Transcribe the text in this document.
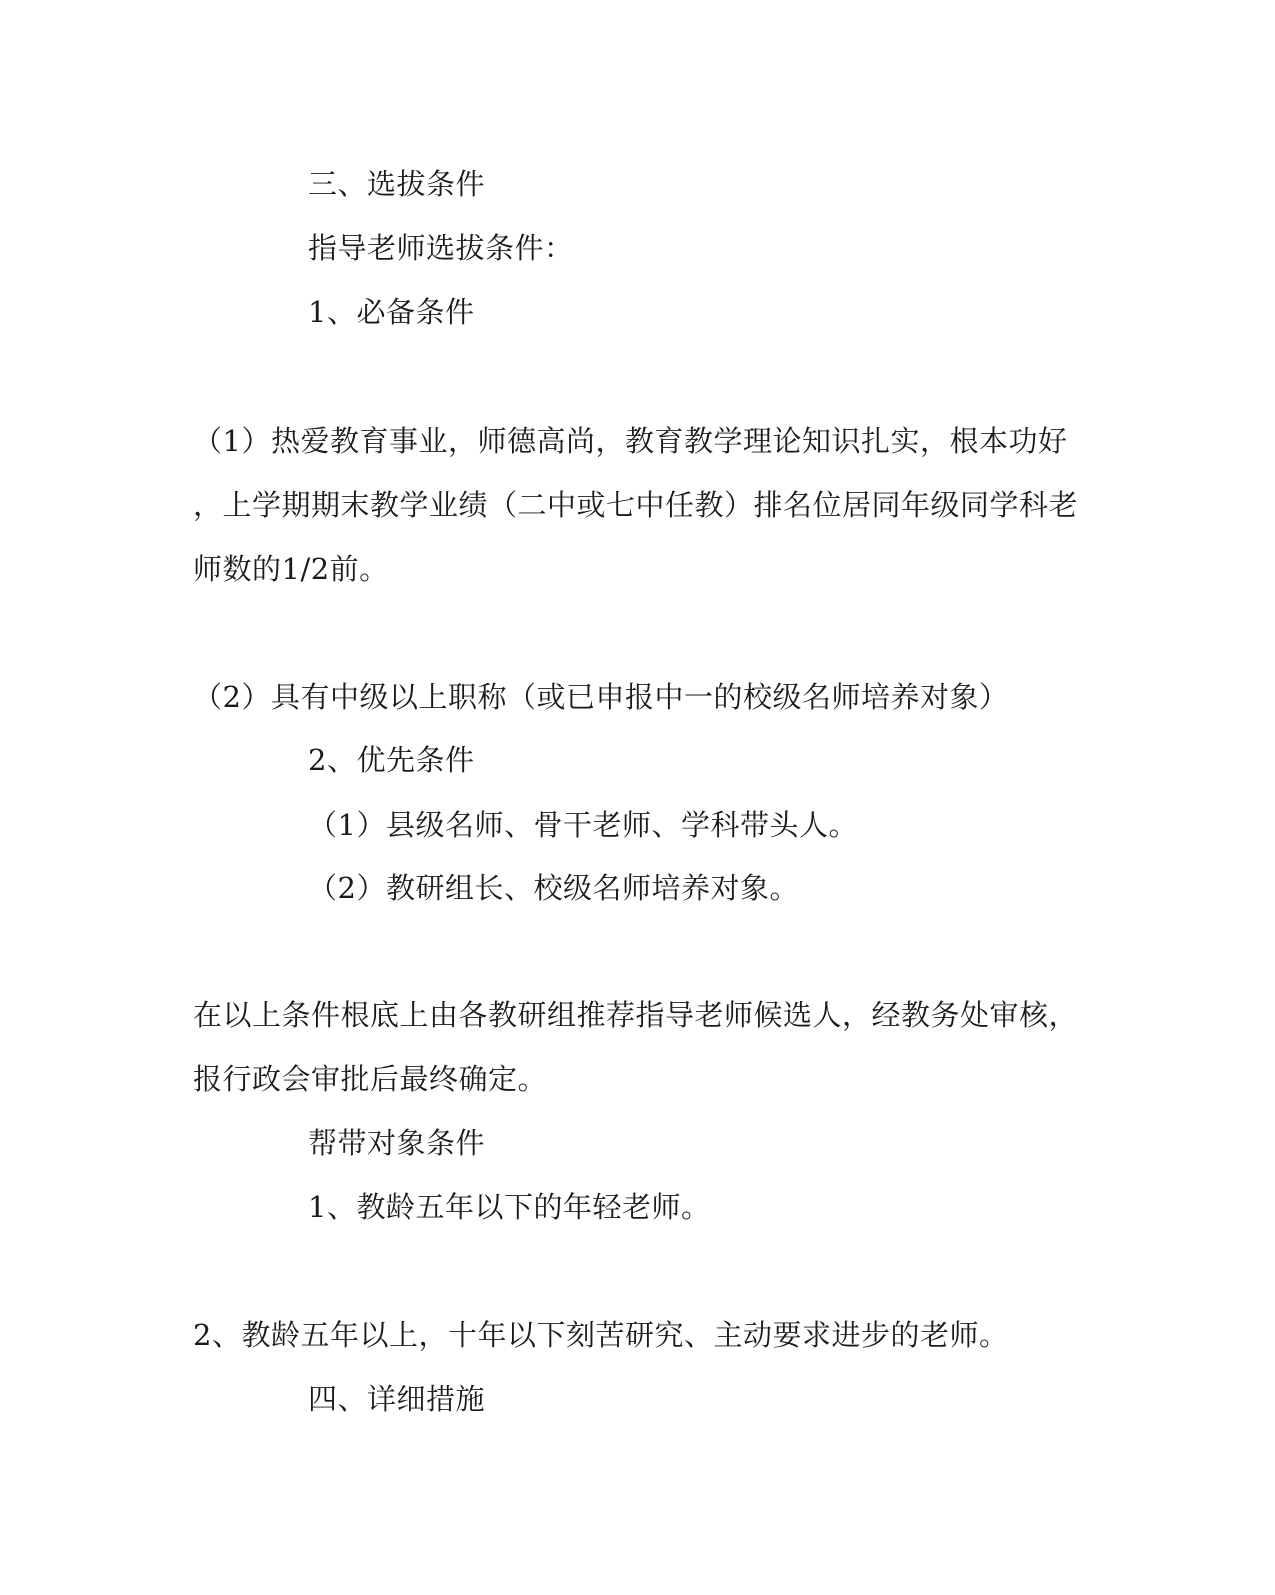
三、选拔条件
指导老师选拔条件：
1、必备条件
（1）热爱教育事业，师德高尚，教育教学理论知识扎实，根本功好
，上学期期末教学业绩（二中或七中任教）排名位居同年级同学科老
师数的1/2前。
（2）具有中级以上职称（或已申报中一的校级名师培养对象）
2、优先条件
（1）县级名师、骨干老师、学科带头人。
（2）教研组长、校级名师培养对象。
在以上条件根底上由各教研组推荐指导老师候选人，经教务处审核，
报行政会审批后最终确定。
帮带对象条件
1、教龄五年以下的年轻老师。
2、教龄五年以上，十年以下刻苦研究、主动要求进步的老师。
四、详细措施
